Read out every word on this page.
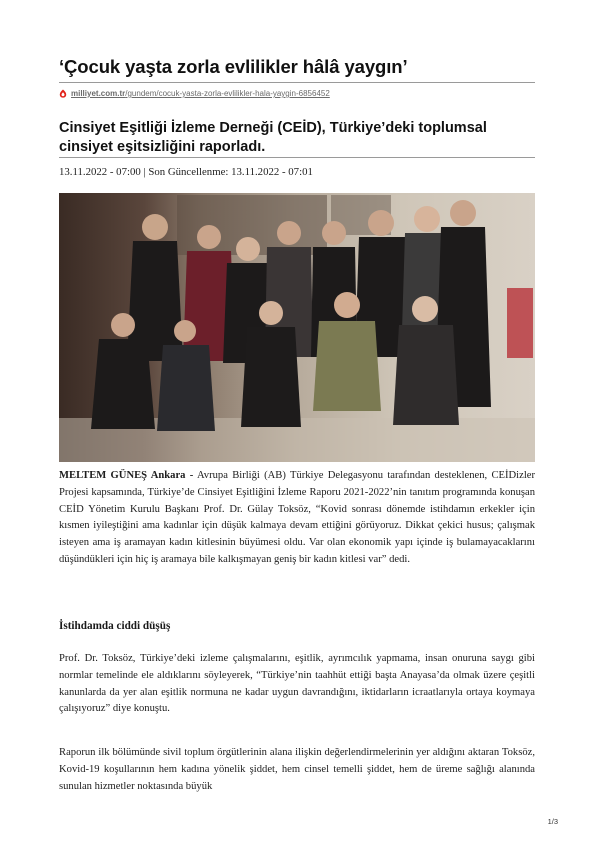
‘Çocuk yaşta zorla evlilikler hâlâ yaygın’
milliyet.com.tr /gundem/cocuk-yasta-zorla-evlilikler-hala-yaygin-6856452
Cinsiyet Eşitliği İzleme Derneği (CEİD), Türkiye’deki toplumsal cinsiyet eşitsizliğini raporladı.
13.11.2022 - 07:00 | Son Güncellenme: 13.11.2022 - 07:01

MELTEM GÜNEŞ Ankara - Avrupa Birliği (AB) Türkiye Delegasyonu tarafından desteklenen, CEİDizler Projesi kapsamında, Türkiye’de Cinsiyet Eşitliğini İzleme Raporu 2021-2022’nin tanıtım programında konuşan CEİD Yönetim Kurulu Başkanı Prof. Dr. Gülay Toksöz, “Kovid sonrası dönemde istihdamın erkekler için kısmen iyileştiğini ama kadınlar için düşük kalmaya devam ettiğini görüyoruz. Dikkat çekici husus; çalışmak isteyen ama iş aramayan kadın kitlesinin büyümesi oldu. Var olan ekonomik yapı içinde iş bulamayacaklarını düşündükleri için hiç iş aramaya bile kalkışmayan geniş bir kadın kitlesi var” dedi.

İstihdamda ciddi düşüş

Prof. Dr. Toksöz, Türkiye’deki izleme çalışmalarını, eşitlik, ayrımcılık yapmama, insan onuruna saygı gibi normlar temelinde ele aldıklarını söyleyerek, “Türkiye’nin taahhüt ettiği başta Anayasa’da olmak üzere çeşitli kanunlarda da yer alan eşitlik normuna ne kadar uygun davrandığını, iktidarların icraatlarıyla ortaya koymaya çalışıyoruz” diye konuştu.

Raporun ilk bölümünde sivil toplum örgütlerinin alana ilişkin değerlendirmelerinin yer aldığını aktaran Toksöz, Kovid-19 koşullarının hem kadına yönelik şiddet, hem cinsel temelli şiddet, hem de üreme sağlığı alanında sunulan hizmetler noktasında büyük

1/3
